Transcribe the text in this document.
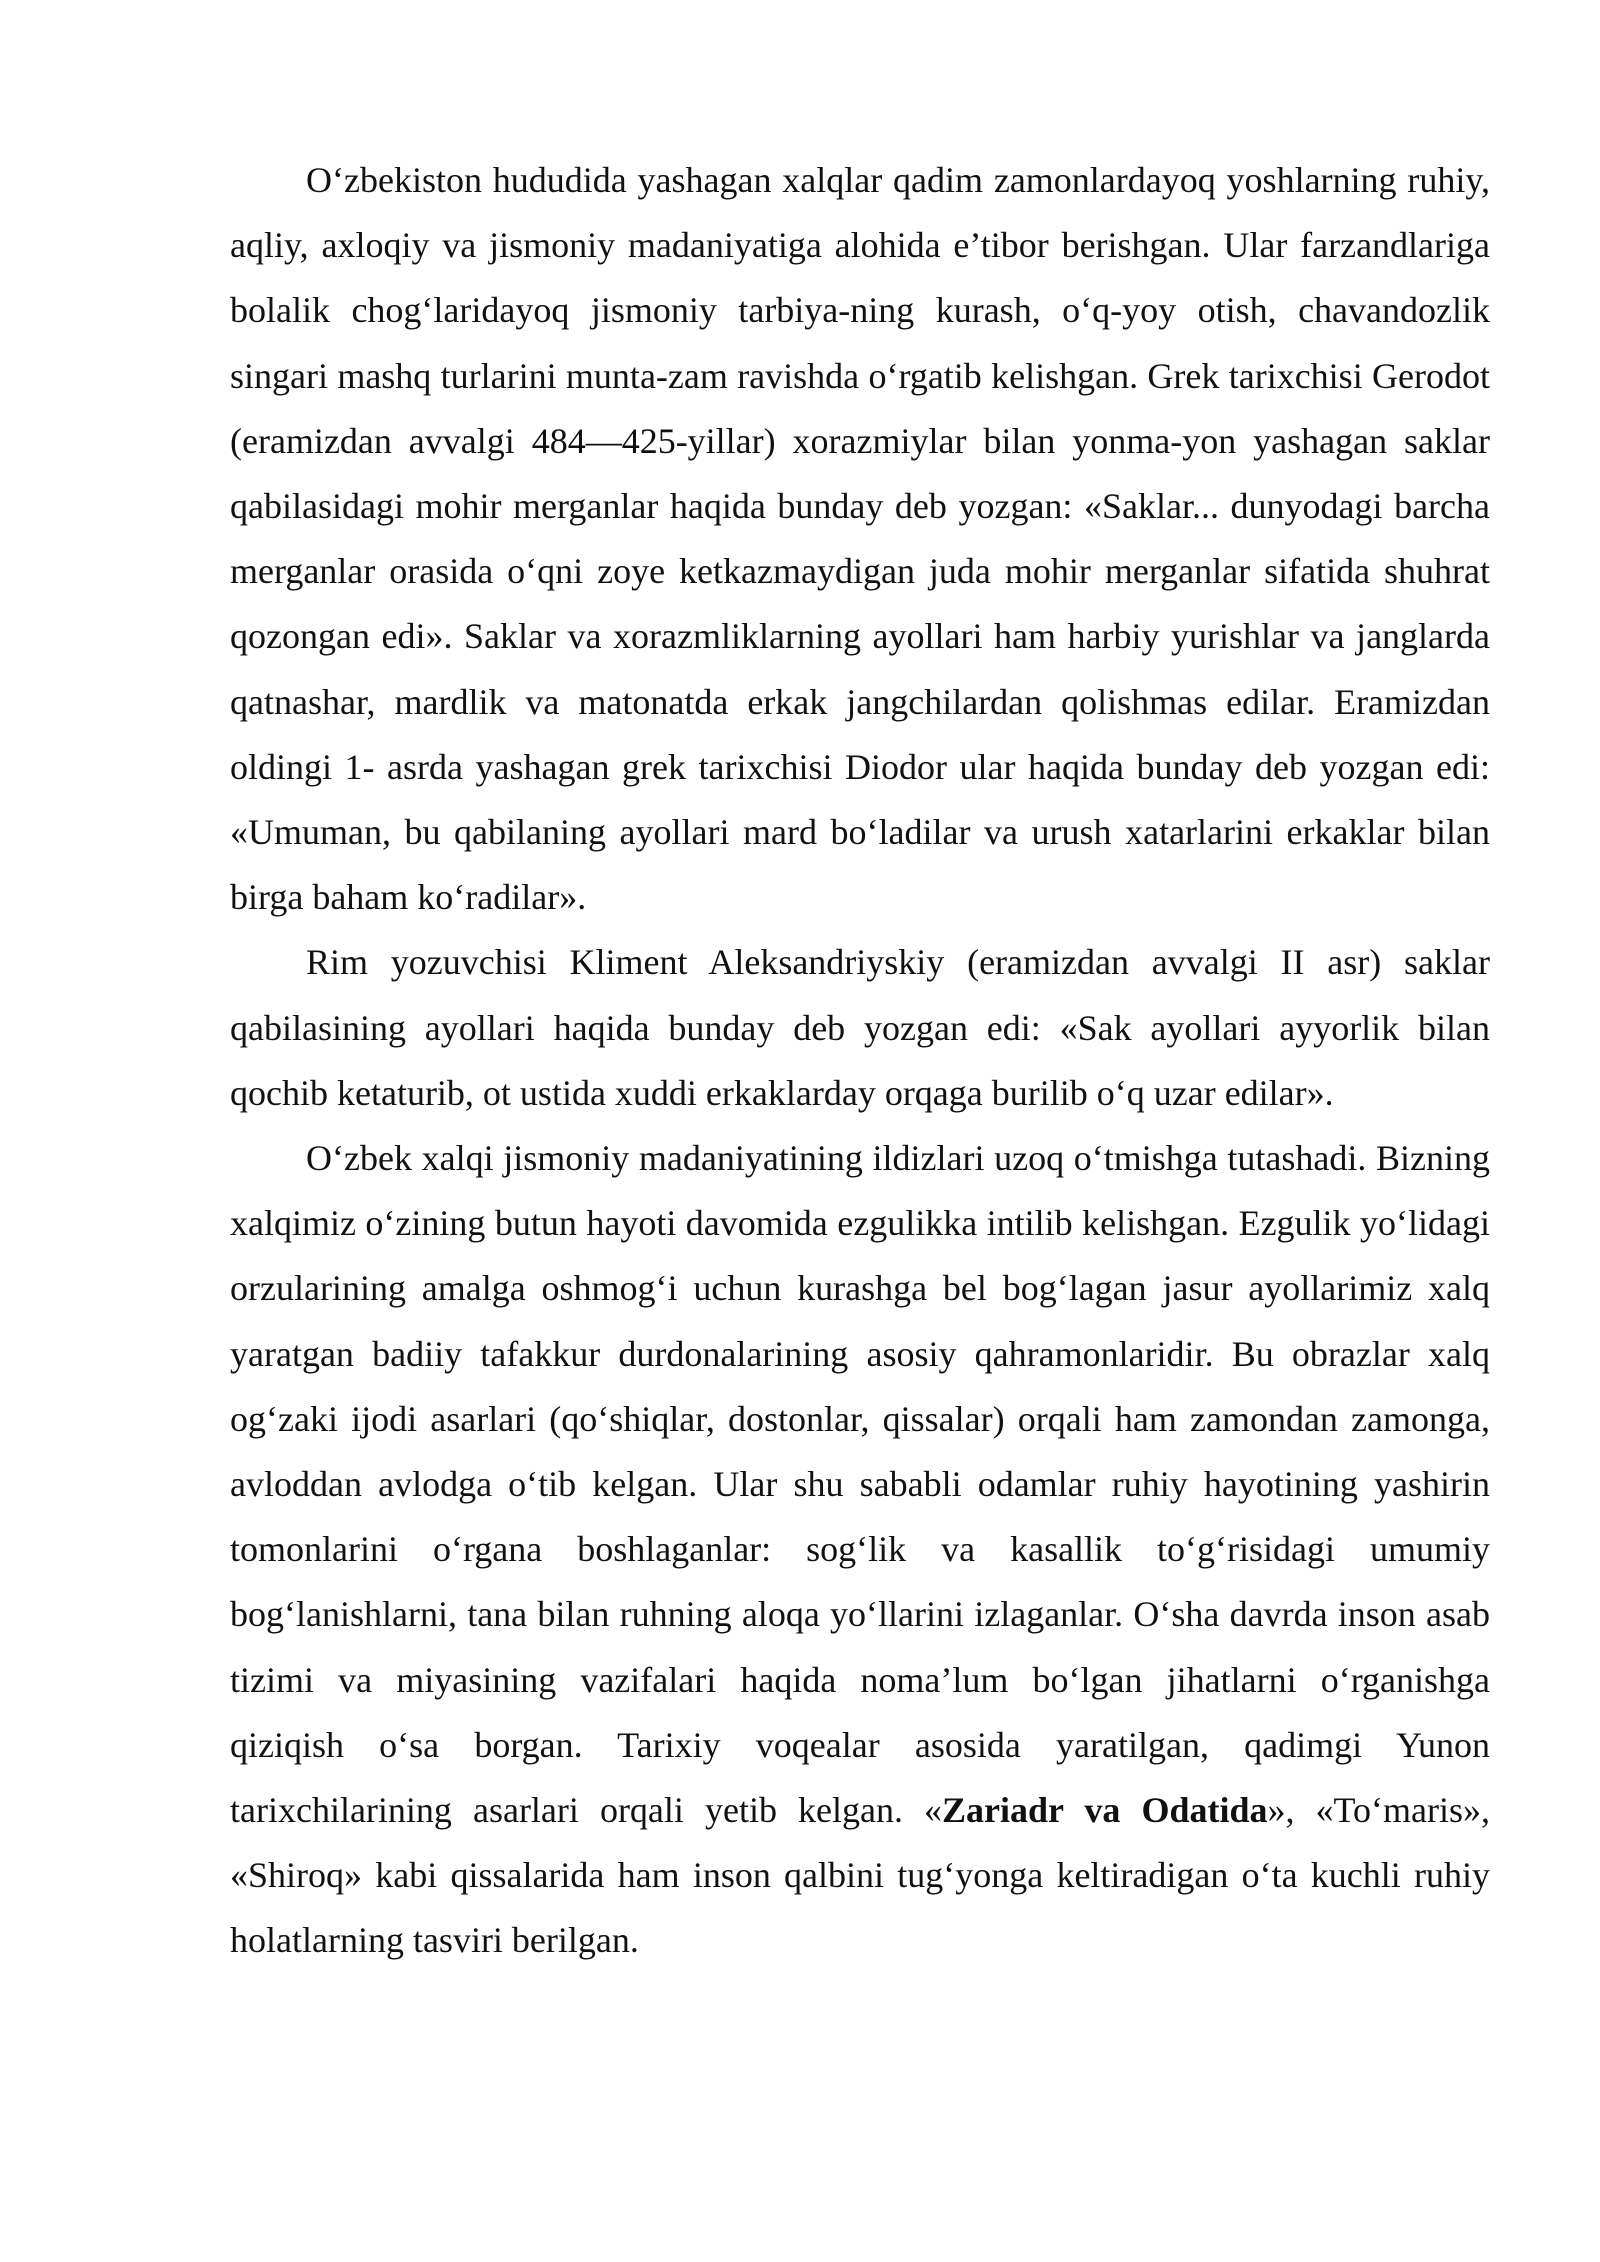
O‘zbekiston hududida yashagan xalqlar qadim zamonlardayoq yoshlarning ruhiy, aqliy, axloqiy va jismoniy madaniyatiga alohida e’tibor berishgan. Ular farzandlariga bolalik chog‘laridayoq jismoniy tarbiya-ning kurash, o‘q-yoy otish, chavandozlik singari mashq turlarini munta-zam ravishda o‘rgatib kelishgan. Grek tarixchisi Gerodot (eramizdan avvalgi 484—425-yillar) xorazmiylar bilan yonma-yon yashagan saklar qabilasidagi mohir merganlar haqida bunday deb yozgan: «Saklar... dunyodagi barcha merganlar orasida o‘qni zoye ketkazmaydigan juda mohir merganlar sifatida shuhrat qozongan edi». Saklar va xorazmliklarning ayollari ham harbiy yurishlar va janglarda qatnashar, mardlik va matonatda erkak jangchilardan qolishmas edilar. Eramizdan oldingi 1- asrda yashagan grek tarixchisi Diodor ular haqida bunday deb yozgan edi: «Umuman, bu qabilaning ayollari mard bo‘ladilar va urush xatarlarini erkaklar bilan birga baham ko‘radilar».

Rim yozuvchisi Kliment Aleksandriyskiy (eramizdan avvalgi II asr) saklar qabilasining ayollari haqida bunday deb yozgan edi: «Sak ayollari ayyorlik bilan qochib ketaturib, ot ustida xuddi erkaklarday orqaga burilib o‘q uzar edilar».

O‘zbek xalqi jismoniy madaniyatining ildizlari uzoq o‘tmishga tutashadi. Bizning xalqimiz o‘zining butun hayoti davomida ezgulikka intilib kelishgan. Ezgulik yo‘lidagi orzularining amalga oshmog‘i uchun kurashga bel bog‘lagan jasur ayollarimiz xalq yaratgan badiiy tafakkur durdonalarining asosiy qahramonlaridir. Bu obrazlar xalq og‘zaki ijodi asarlari (qo‘shiqlar, dostonlar, qissalar) orqali ham zamondan zamonga, avloddan avlodga o‘tib kelgan. Ular shu sababli odamlar ruhiy hayotining yashirin tomonlarini o‘rgana boshlaganlar: sog‘lik va kasallik to‘g‘risidagi umumiy bog‘lanishlarni, tana bilan ruhning aloqa yo‘llarini izlaganlar. O‘sha davrda inson asab tizimi va miyasining vazifalari haqida noma’lum bo‘lgan jihatlarni o‘rganishga qiziqish o‘sa borgan. Tarixiy voqealar asosida yaratilgan, qadimgi Yunon tarixchilarining asarlari orqali yetib kelgan. «Zariadr va Odatida», «To‘maris», «Shiroq» kabi qissalarida ham inson qalbini tug‘yonga keltiradigan o‘ta kuchli ruhiy holatlarning tasviri berilgan.
